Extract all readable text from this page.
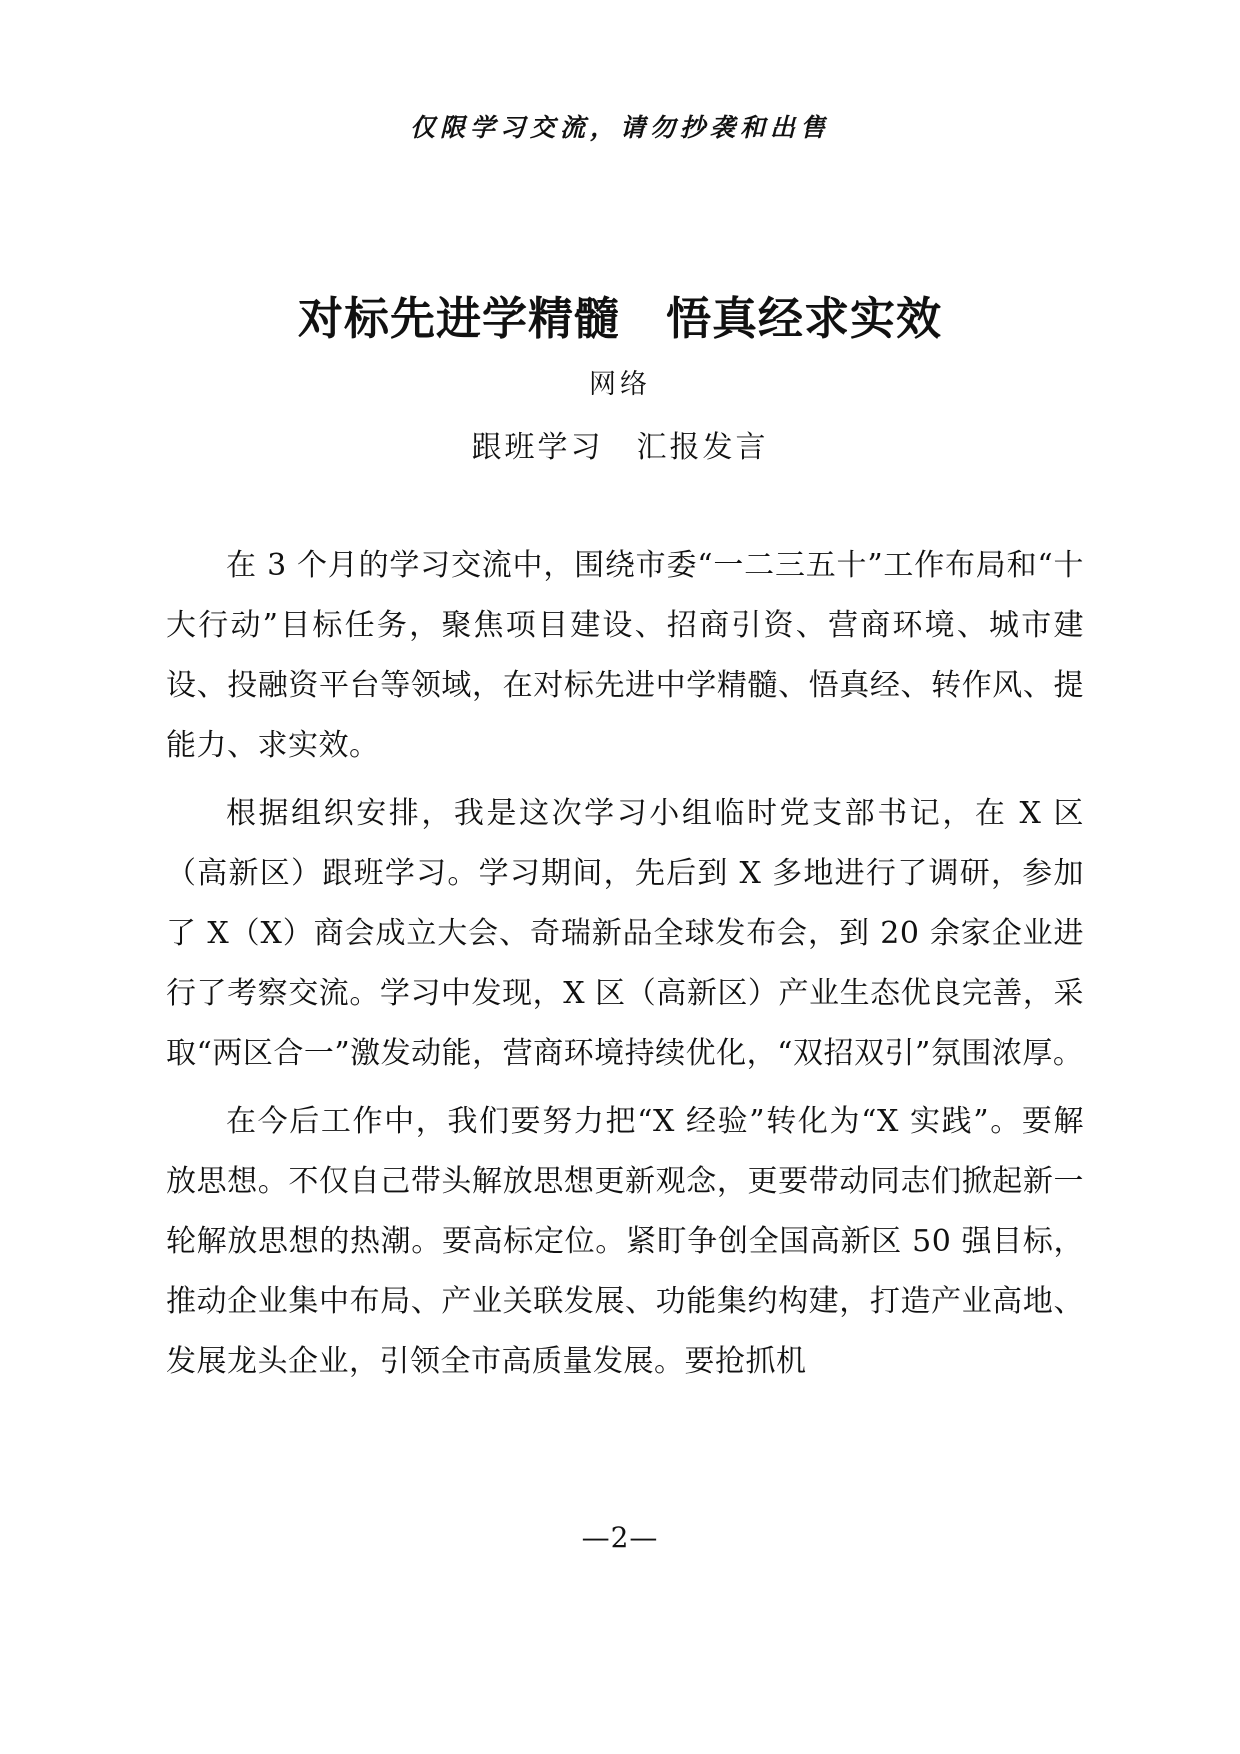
仅限学习交流，请勿抄袭和出售
对标先进学精髓　悟真经求实效
网络
跟班学习　汇报发言

在 3 个月的学习交流中，围绕市委“一二三五十”工作布局和“十大行动”目标任务，聚焦项目建设、招商引资、营商环境、城市建设、投融资平台等领域，在对标先进中学精髓、悟真经、转作风、提能力、求实效。

根据组织安排，我是这次学习小组临时党支部书记，在 X 区（高新区）跟班学习。学习期间，先后到 X 多地进行了调研，参加了 X（X）商会成立大会、奇瑞新品全球发布会，到 20 余家企业进行了考察交流。学习中发现，X 区（高新区）产业生态优良完善，采取“两区合一”激发动能，营商环境持续优化，“双招双引”氛围浓厚。

在今后工作中，我们要努力把“X 经验”转化为“X 实践”。要解放思想。不仅自己带头解放思想更新观念，更要带动同志们掀起新一轮解放思想的热潮。要高标定位。紧盯争创全国高新区 50 强目标，推动企业集中布局、产业关联发展、功能集约构建，打造产业高地、发展龙头企业，引领全市高质量发展。要抢抓机

—2—
